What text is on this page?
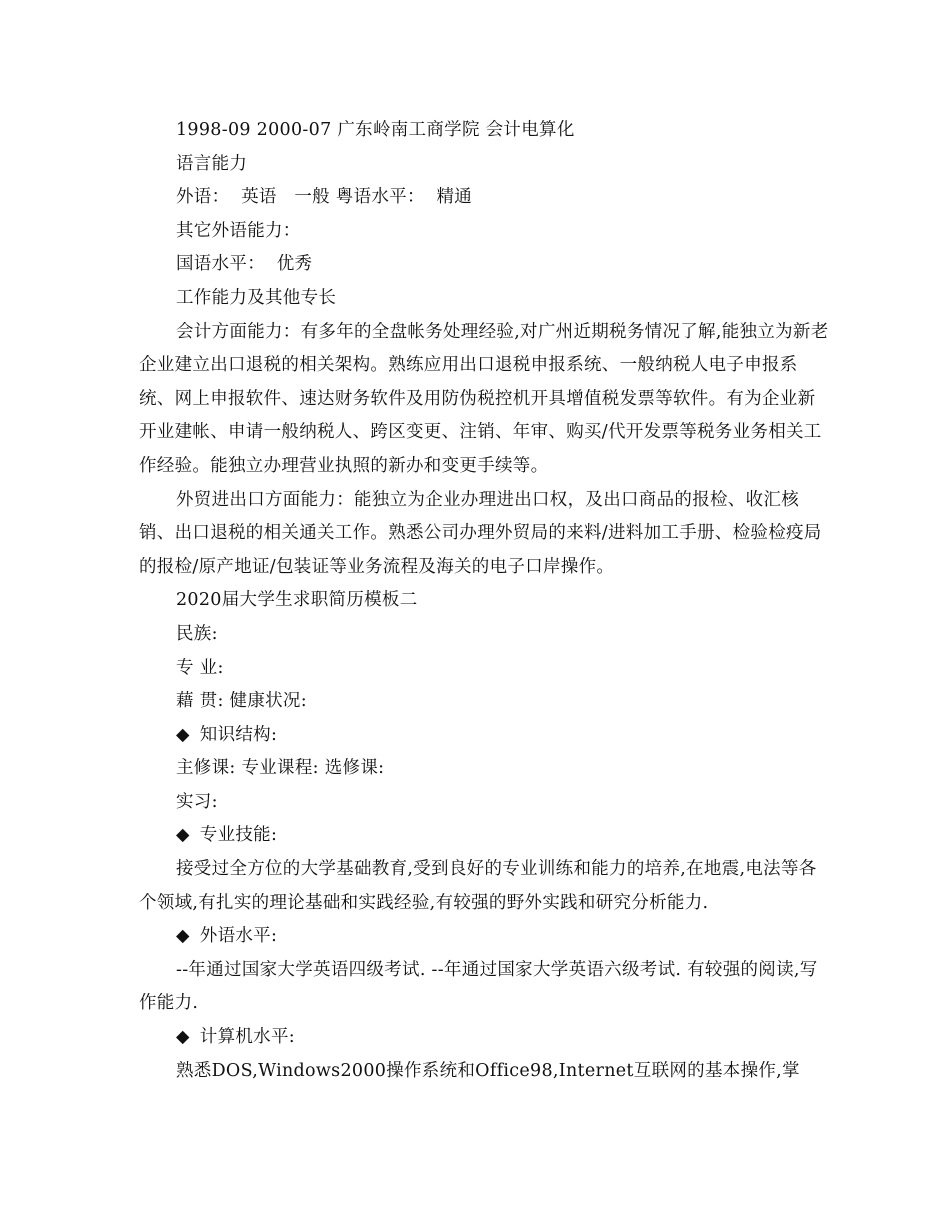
1998-09 2000-07 广东岭南工商学院 会计电算化

语言能力

外语：  英语   一般 粤语水平：  精通

其它外语能力：

国语水平：  优秀

工作能力及其他专长

会计方面能力：有多年的全盘帐务处理经验,对广州近期税务情况了解,能独立为新老企业建立出口退税的相关架构。熟练应用出口退税申报系统、一般纳税人电子申报系统、网上申报软件、速达财务软件及用防伪税控机开具增值税发票等软件。有为企业新开业建帐、申请一般纳税人、跨区变更、注销、年审、购买/代开发票等税务业务相关工作经验。能独立办理营业执照的新办和变更手续等。

外贸进出口方面能力：能独立为企业办理进出口权，及出口商品的报检、收汇核销、出口退税的相关通关工作。熟悉公司办理外贸局的来料/进料加工手册、检验检疫局的报检/原产地证/包装证等业务流程及海关的电子口岸操作。

2020届大学生求职简历模板二

民族:

专 业:

藉 贯: 健康状况:

◆ 知识结构:

主修课: 专业课程: 选修课:

实习:

◆ 专业技能:

接受过全方位的大学基础教育,受到良好的专业训练和能力的培养,在地震,电法等各个领域,有扎实的理论基础和实践经验,有较强的野外实践和研究分析能力.

◆ 外语水平:

--年通过国家大学英语四级考试. --年通过国家大学英语六级考试. 有较强的阅读,写作能力.

◆ 计算机水平:

熟悉DOS,Windows2000操作系统和Office98,Internet互联网的基本操作,掌
